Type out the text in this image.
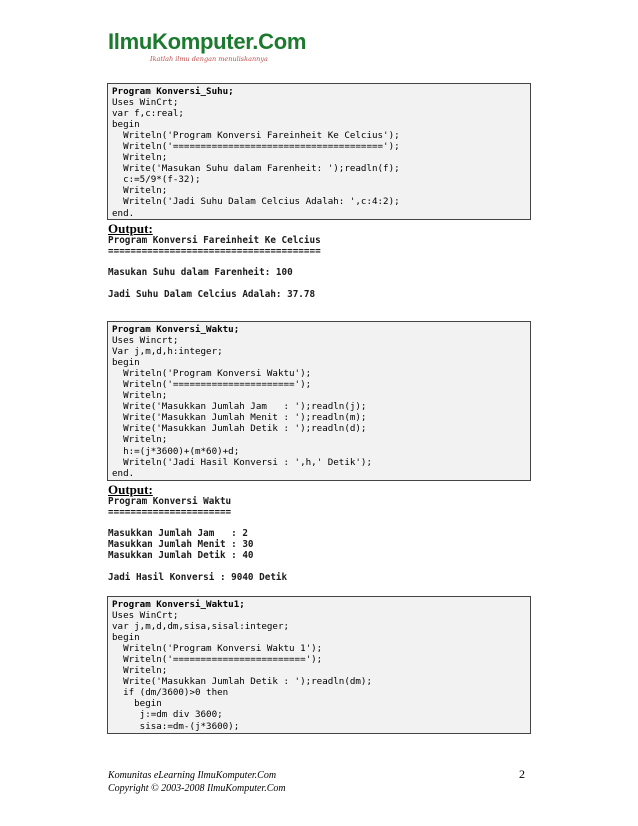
IlmuKomputer.Com
Ikatlah ilmu dengan menuliskannya
Program Konversi_Suhu;
Uses WinCrt;
var f,c:real;
begin
Writeln('Program Konversi Fareinheit Ke Celcius');
Writeln('======================================');
Writeln;
Write('Masukan Suhu dalam Farenheit: ');readln(f);
c:=5/9*(f-32);
Writeln;
Writeln('Jadi Suhu Dalam Celcius Adalah: ',c:4:2);
end.
Output:
Program Konversi Fareinheit Ke Celcius
======================================

Masukan Suhu dalam Farenheit: 100

Jadi Suhu Dalam Celcius Adalah: 37.78
Program Konversi_Waktu;
Uses Wincrt;
Var j,m,d,h:integer;
begin
Writeln('Program Konversi Waktu');
Writeln('======================');
Writeln;
Write('Masukkan Jumlah Jam   : ');readln(j);
Write('Masukkan Jumlah Menit : ');readln(m);
Write('Masukkan Jumlah Detik : ');readln(d);
Writeln;
h:=(j*3600)+(m*60)+d;
Writeln('Jadi Hasil Konversi : ',h,' Detik');
end.
Output:
Program Konversi Waktu
======================

Masukkan Jumlah Jam   : 2
Masukkan Jumlah Menit : 30
Masukkan Jumlah Detik : 40

Jadi Hasil Konversi : 9040 Detik
Program Konversi_Waktu1;
Uses WinCrt;
var j,m,d,dm,sisa,sisal:integer;
begin
Writeln('Program Konversi Waktu 1');
Writeln('========================');
Writeln;
Write('Masukkan Jumlah Detik : ');readln(dm);
if (dm/3600)>0 then
begin
j:=dm div 3600;
sisa:=dm-(j*3600);
Komunitas eLearning IlmuKomputer.Com
Copyright © 2003-2008 IlmuKomputer.Com
2
